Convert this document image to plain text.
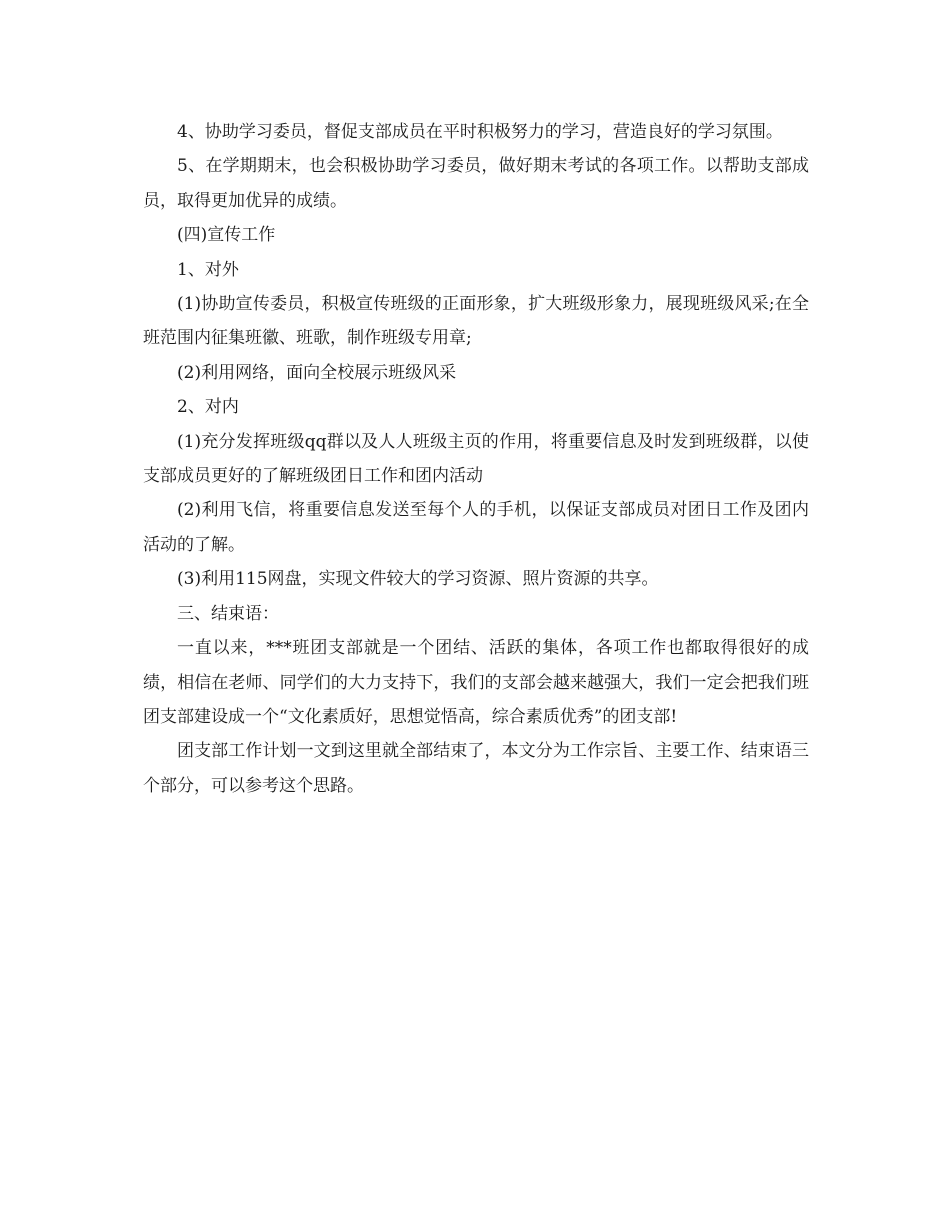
4、协助学习委员，督促支部成员在平时积极努力的学习，营造良好的学习氛围。

5、在学期期末，也会积极协助学习委员，做好期末考试的各项工作。以帮助支部成员，取得更加优异的成绩。

(四)宣传工作

1、对外

(1)协助宣传委员，积极宣传班级的正面形象，扩大班级形象力，展现班级风采;在全班范围内征集班徽、班歌，制作班级专用章;

(2)利用网络，面向全校展示班级风采

2、对内

(1)充分发挥班级qq群以及人人班级主页的作用，将重要信息及时发到班级群，以使支部成员更好的了解班级团日工作和团内活动

(2)利用飞信，将重要信息发送至每个人的手机，以保证支部成员对团日工作及团内活动的了解。

(3)利用115网盘，实现文件较大的学习资源、照片资源的共享。

三、结束语：

一直以来，***班团支部就是一个团结、活跃的集体，各项工作也都取得很好的成绩，相信在老师、同学们的大力支持下，我们的支部会越来越强大，我们一定会把我们班团支部建设成一个“文化素质好，思想觉悟高，综合素质优秀”的团支部!

团支部工作计划一文到这里就全部结束了，本文分为工作宗旨、主要工作、结束语三个部分，可以参考这个思路。
